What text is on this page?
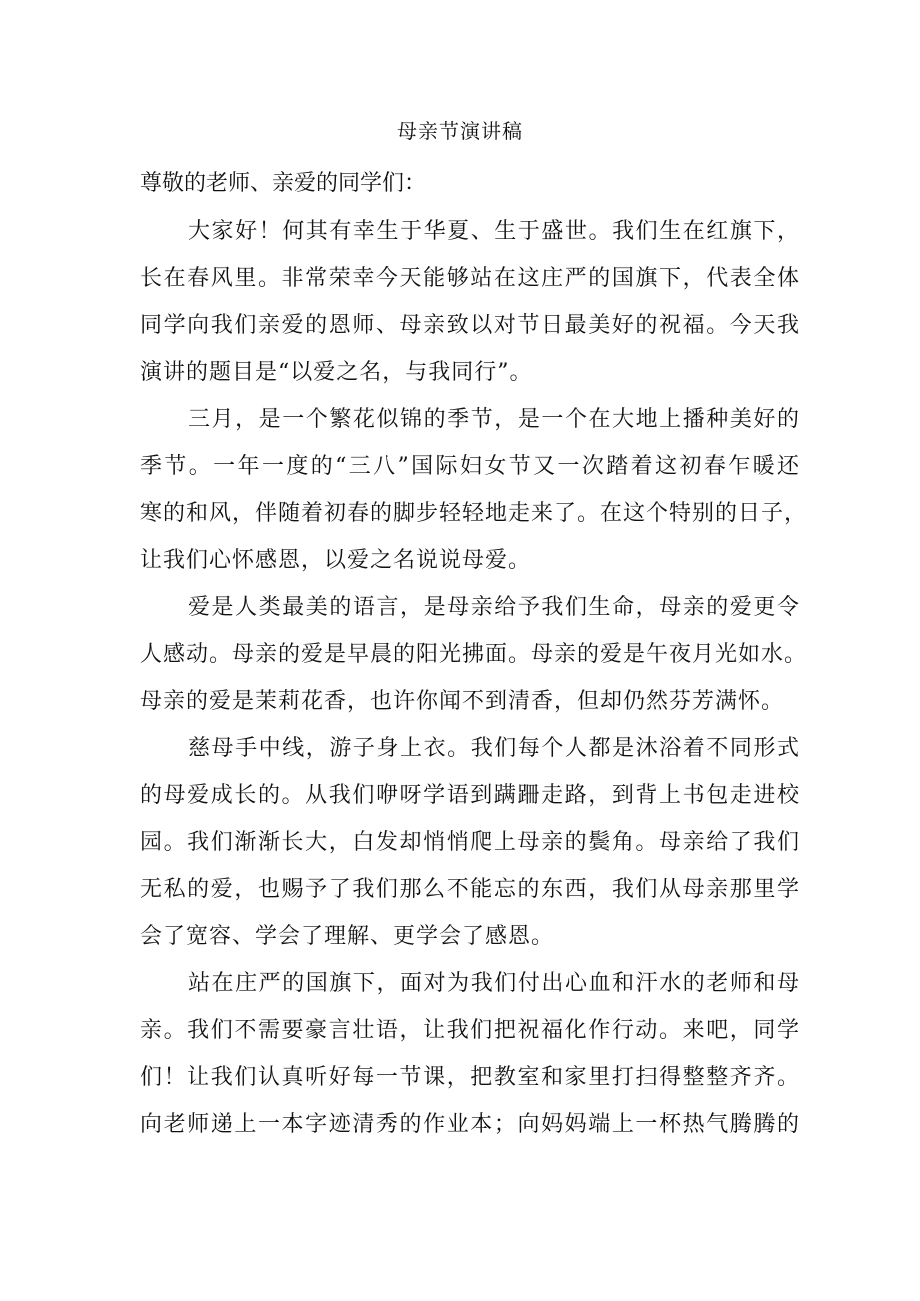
母亲节演讲稿
尊敬的老师、亲爱的同学们：
大家好！何其有幸生于华夏、生于盛世。我们生在红旗下，
长在春风里。非常荣幸今天能够站在这庄严的国旗下，代表全体
同学向我们亲爱的恩师、母亲致以对节日最美好的祝福。今天我
演讲的题目是“以爱之名，与我同行”。
三月，是一个繁花似锦的季节，是一个在大地上播种美好的
季节。一年一度的“三八”国际妇女节又一次踏着这初春乍暖还
寒的和风，伴随着初春的脚步轻轻地走来了。在这个特别的日子，
让我们心怀感恩，以爱之名说说母爱。
爱是人类最美的语言，是母亲给予我们生命，母亲的爱更令
人感动。母亲的爱是早晨的阳光拂面。母亲的爱是午夜月光如水。
母亲的爱是茉莉花香，也许你闻不到清香，但却仍然芬芳满怀。
慈母手中线，游子身上衣。我们每个人都是沐浴着不同形式
的母爱成长的。从我们咿呀学语到蹒跚走路，到背上书包走进校
园。我们渐渐长大，白发却悄悄爬上母亲的鬓角。母亲给了我们
无私的爱，也赐予了我们那么不能忘的东西，我们从母亲那里学
会了宽容、学会了理解、更学会了感恩。
站在庄严的国旗下，面对为我们付出心血和汗水的老师和母
亲。我们不需要豪言壮语，让我们把祝福化作行动。来吧，同学
们！让我们认真听好每一节课，把教室和家里打扫得整整齐齐。
向老师递上一本字迹清秀的作业本；向妈妈端上一杯热气腾腾的
